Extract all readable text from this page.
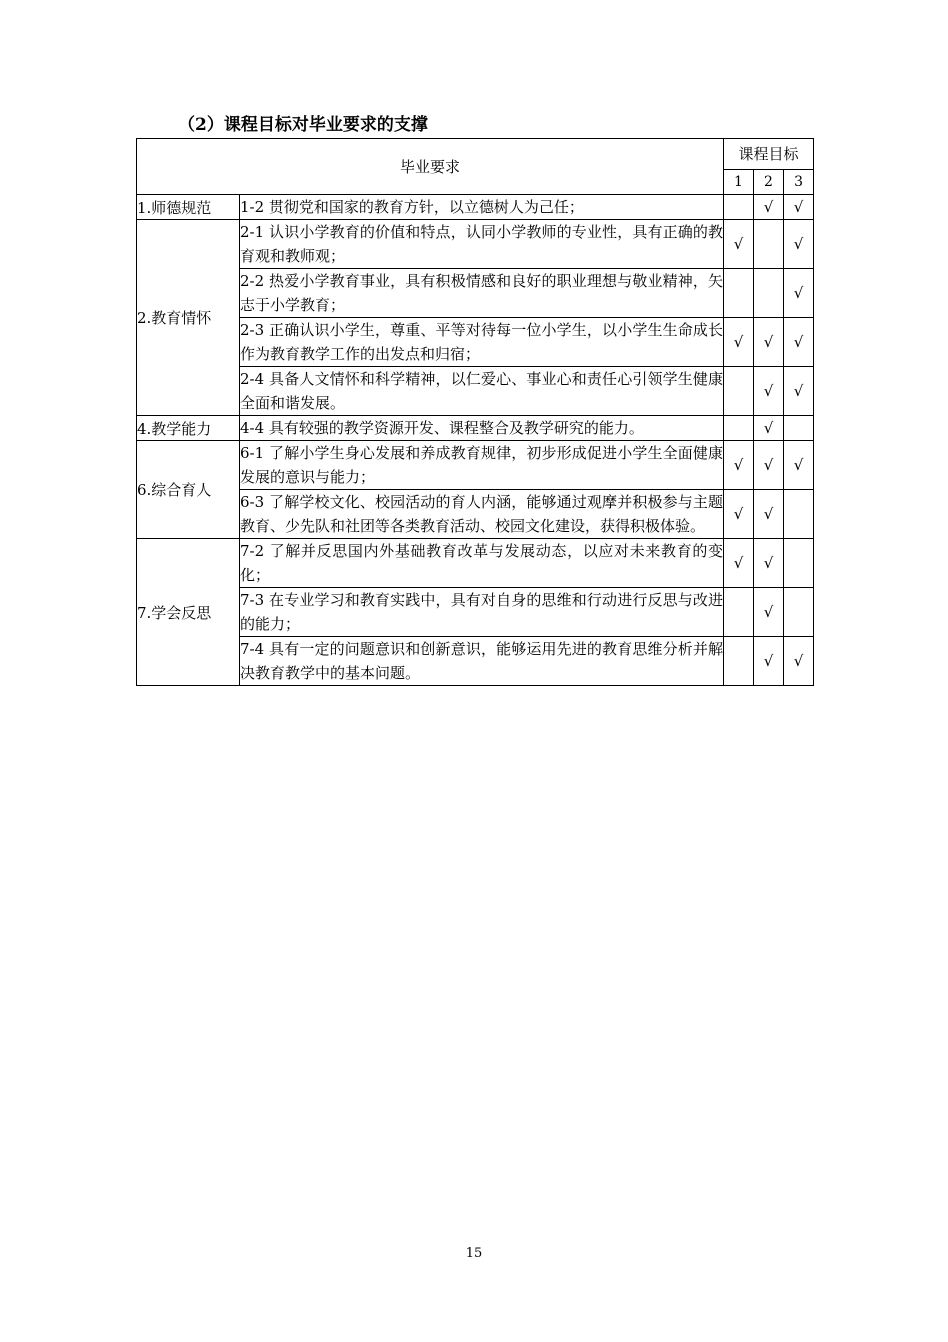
（2）课程目标对毕业要求的支撑
毕业要求		课程目标		
		1	2	3
1.师德规范	1-2 贯彻党和国家的教育方针，以立德树人为己任；		√	√
2.教育情怀	2-1 认识小学教育的价值和特点，认同小学教师的专业性，具有正确的教育观和教师观；	√		√
	2-2 热爱小学教育事业，具有积极情感和良好的职业理想与敬业精神，矢志于小学教育；			√
	2-3 正确认识小学生，尊重、平等对待每一位小学生，以小学生生命成长作为教育教学工作的出发点和归宿；	√	√	√
	2-4 具备人文情怀和科学精神，以仁爱心、事业心和责任心引领学生健康全面和谐发展。		√	√
4.教学能力	4-4 具有较强的教学资源开发、课程整合及教学研究的能力。		√	
6.综合育人	6-1 了解小学生身心发展和养成教育规律，初步形成促进小学生全面健康发展的意识与能力；	√	√	√
	6-3 了解学校文化、校园活动的育人内涵，能够通过观摩并积极参与主题教育、少先队和社团等各类教育活动、校园文化建设，获得积极体验。	√	√	
7.学会反思	7-2 了解并反思国内外基础教育改革与发展动态，以应对未来教育的变化；	√	√	
	7-3 在专业学习和教育实践中，具有对自身的思维和行动进行反思与改进的能力；		√	
	7-4 具有一定的问题意识和创新意识，能够运用先进的教育思维分析并解决教育教学中的基本问题。		√	√
15
